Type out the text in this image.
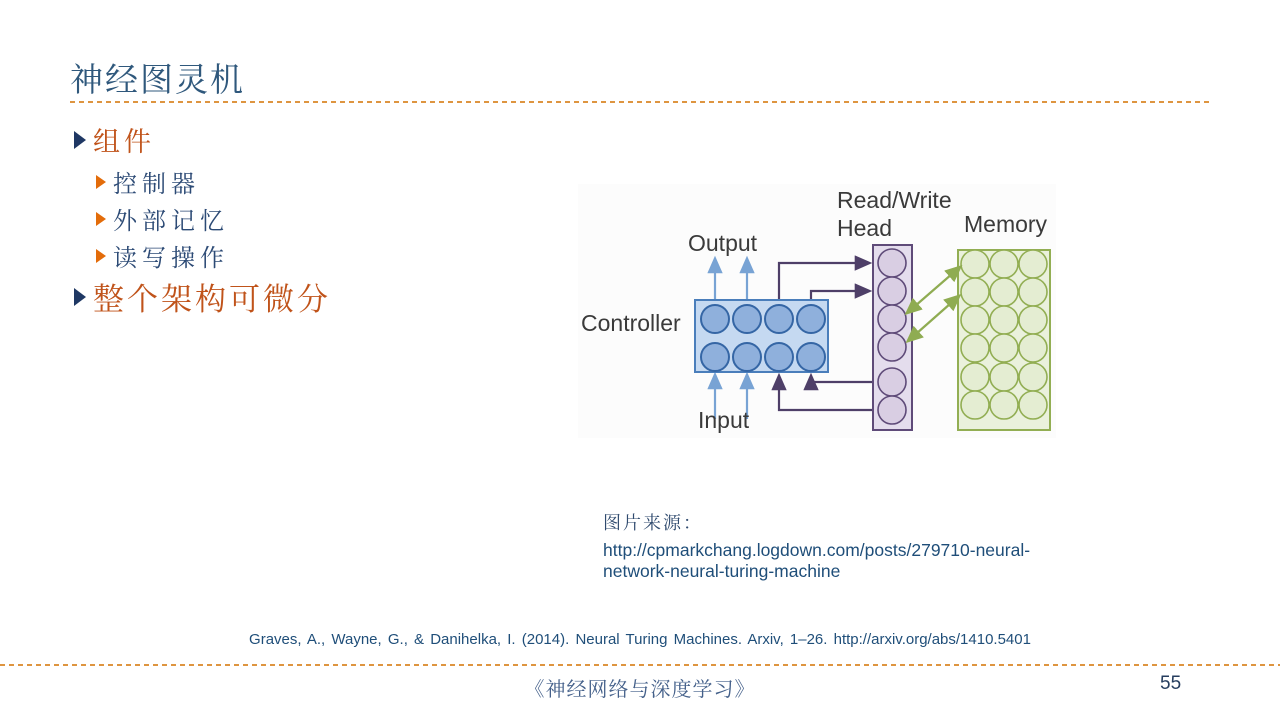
神经图灵机
组件
控制器
外部记忆
读写操作
整个架构可微分
Output
Input
Controller
Read/Write
Head	Memory
图片来源：
http://cpmarkchang.logdown.com/posts/279710-neural-
network-neural-turing-machine
Graves, A., Wayne, G., & Danihelka, I. (2014). Neural Turing Machines. Arxiv, 1–26. http://arxiv.org/abs/1410.5401
《神经网络与深度学习》	55
